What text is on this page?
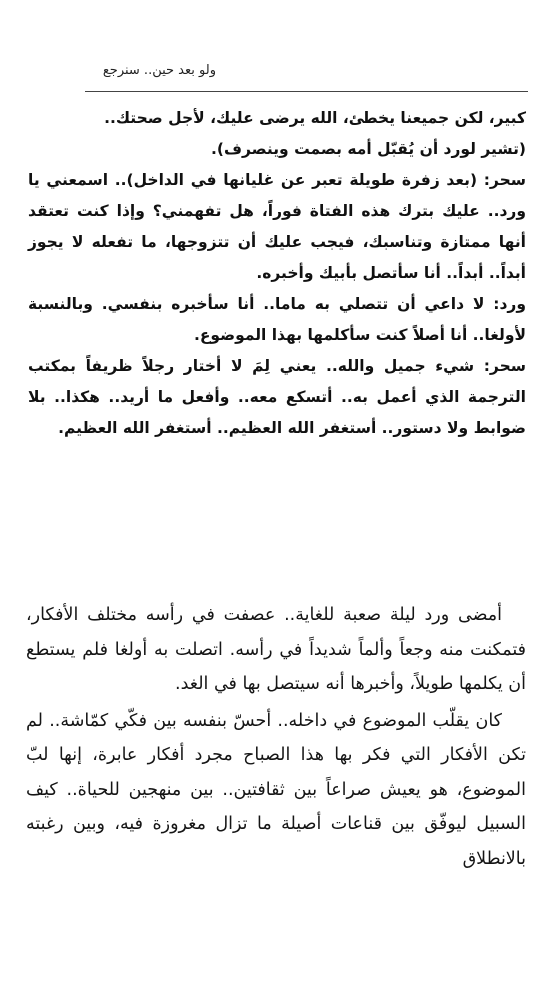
ولو بعد حين.. سنرجع

كبير، لكن جميعنا يخطئ، الله يرضى عليك، لأجل صحتك..

(تشير لورد أن يُقبّل أمه بصمت وينصرف).

سحر: (بعد زفرة طويلة تعبر عن غليانها في الداخل).. اسمعني يا ورد.. عليك بترك هذه الفتاة فوراً، هل تفهمني؟ وإذا كنت تعتقد أنها ممتازة وتناسبك، فيجب عليك أن تتزوجها، ما تفعله لا يجوز أبداً.. أبداً.. أنا سأتصل بأبيك وأخبره.

ورد: لا داعي أن تتصلي به ماما.. أنا سأخبره بنفسي. وبالنسبة لأولغا.. أنا أصلاً كنت سأكلمها بهذا الموضوع.

سحر: شيء جميل والله.. يعني لِمَ لا أختار رجلاً ظريفاً بمكتب الترجمة الذي أعمل به.. أتسكع معه.. وأفعل ما أريد.. هكذا.. بلا ضوابط ولا دستور.. أستغفر الله العظيم.. أستغفر الله العظيم.

أمضى ورد ليلة صعبة للغاية.. عصفت في رأسه مختلف الأفكار، فتمكنت منه وجعاً وألماً شديداً في رأسه. اتصلت به أولغا فلم يستطع أن يكلمها طويلاً، وأخبرها أنه سيتصل بها في الغد.

كان يقلّب الموضوع في داخله.. أحسّ بنفسه بين فكّي كمّاشة.. لم تكن الأفكار التي فكر بها هذا الصباح مجرد أفكار عابرة، إنها لبّ الموضوع، هو يعيش صراعاً بين ثقافتين.. بين منهجين للحياة.. كيف السبيل ليوفّق بين قناعات أصيلة ما تزال مغروزة فيه، وبين رغبته بالانطلاق
